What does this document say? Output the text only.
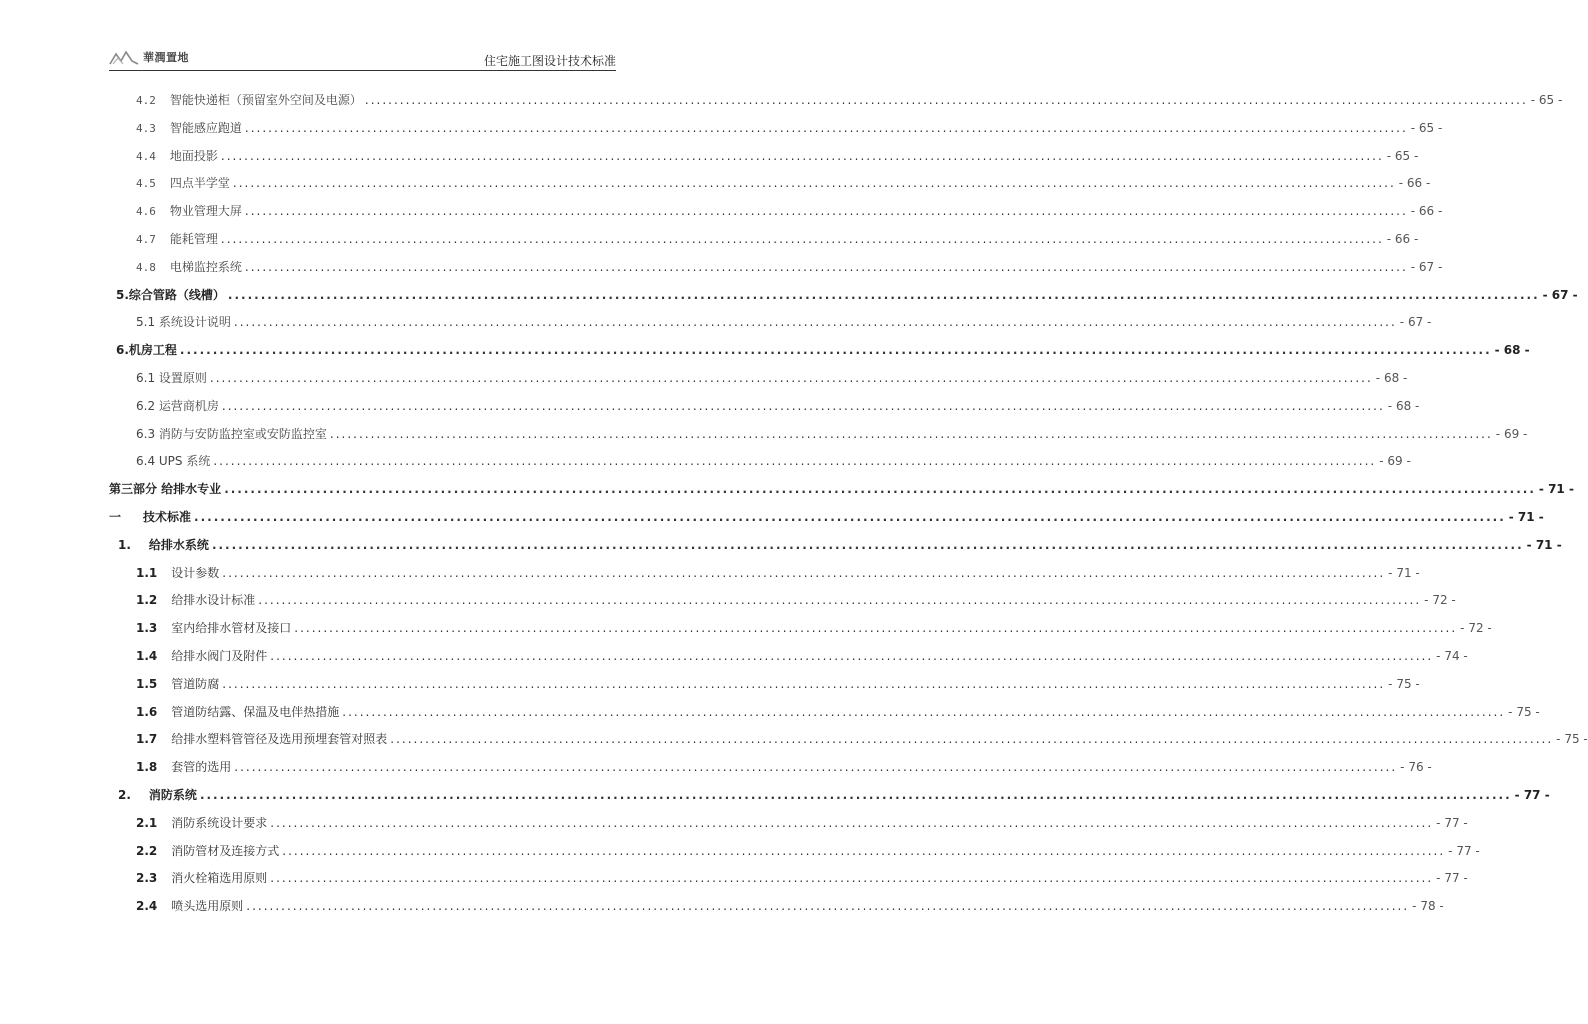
華潤置地	住宅施工图设计技术标准
4.2 智能快递柜（预留室外空间及电源） ........................................................................................................................................................................................................ - 65 -
4.3 智能感应跑道 ........................................................................................................................................................................................................ - 65 -
4.4 地面投影 ........................................................................................................................................................................................................ - 65 -
4.5 四点半学堂 ........................................................................................................................................................................................................ - 66 -
4.6 物业管理大屏 ........................................................................................................................................................................................................ - 66 -
4.7 能耗管理 ........................................................................................................................................................................................................ - 66 -
4.8 电梯监控系统 ........................................................................................................................................................................................................ - 67 -
5.综合管路（线槽） ........................................................................................................................................................................................................ - 67 -
5.1 系统设计说明 ........................................................................................................................................................................................................ - 67 -
6.机房工程 ........................................................................................................................................................................................................ - 68 -
6.1 设置原则 ........................................................................................................................................................................................................ - 68 -
6.2 运营商机房 ........................................................................................................................................................................................................ - 68 -
6.3 消防与安防监控室或安防监控室 ........................................................................................................................................................................................................ - 69 -
6.4 UPS 系统 ........................................................................................................................................................................................................ - 69 -
第三部分 给排水专业 ........................................................................................................................................................................................................ - 71 -
一 技术标准 ........................................................................................................................................................................................................ - 71 -
1. 给排水系统 ........................................................................................................................................................................................................ - 71 -
1.1 设计参数 ........................................................................................................................................................................................................ - 71 -
1.2 给排水设计标准 ........................................................................................................................................................................................................ - 72 -
1.3 室内给排水管材及接口 ........................................................................................................................................................................................................ - 72 -
1.4 给排水阀门及附件 ........................................................................................................................................................................................................ - 74 -
1.5 管道防腐 ........................................................................................................................................................................................................ - 75 -
1.6 管道防结露、保温及电伴热措施 ........................................................................................................................................................................................................ - 75 -
1.7 给排水塑料管管径及选用预埋套管对照表 ........................................................................................................................................................................................................ - 75 -
1.8 套管的选用 ........................................................................................................................................................................................................ - 76 -
2. 消防系统 ........................................................................................................................................................................................................ - 77 -
2.1 消防系统设计要求 ........................................................................................................................................................................................................ - 77 -
2.2 消防管材及连接方式 ........................................................................................................................................................................................................ - 77 -
2.3 消火栓箱选用原则 ........................................................................................................................................................................................................ - 77 -
2.4 喷头选用原则 ........................................................................................................................................................................................................ - 78 -
